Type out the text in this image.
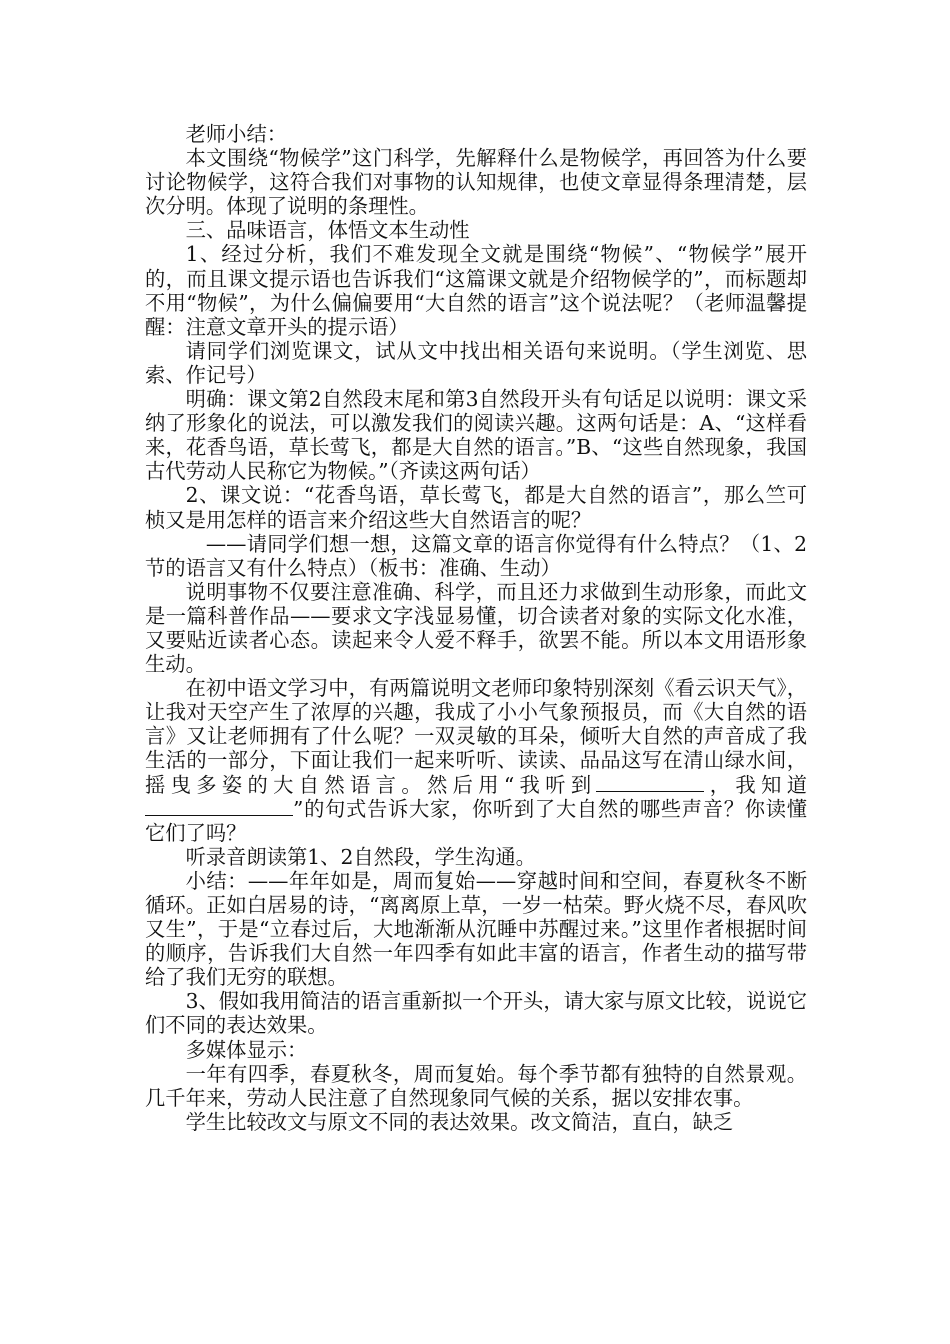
老师小结：

本文围绕“物候学”这门科学，先解释什么是物候学，再回答为什么要讨论物候学，这符合我们对事物的认知规律，也使文章显得条理清楚，层次分明。体现了说明的条理性。

三、品味语言，体悟文本生动性

1、经过分析，我们不难发现全文就是围绕“物候”、“物候学”展开的，而且课文提示语也告诉我们“这篇课文就是介绍物候学的”，而标题却不用“物候”，为什么偏偏要用“大自然的语言”这个说法呢？（老师温馨提醒：注意文章开头的提示语）

请同学们浏览课文，试从文中找出相关语句来说明。（学生浏览、思索、作记号）

明确：课文第2自然段末尾和第3自然段开头有句话足以说明：课文采纳了形象化的说法，可以激发我们的阅读兴趣。这两句话是：A、“这样看来，花香鸟语，草长莺飞，都是大自然的语言。”B、“这些自然现象，我国古代劳动人民称它为物候。”（齐读这两句话）

2、课文说：“花香鸟语，草长莺飞，都是大自然的语言”，那么竺可桢又是用怎样的语言来介绍这些大自然语言的呢？

——请同学们想一想，这篇文章的语言你觉得有什么特点？（1、2节的语言又有什么特点）（板书：准确、生动）

说明事物不仅要注意准确、科学，而且还力求做到生动形象，而此文是一篇科普作品——要求文字浅显易懂，切合读者对象的实际文化水准，又要贴近读者心态。读起来令人爱不释手，欲罢不能。所以本文用语形象生动。

在初中语文学习中，有两篇说明文老师印象特别深刻《看云识天气》，让我对天空产生了浓厚的兴趣，我成了小小气象预报员，而《大自然的语言》又让老师拥有了什么呢？一双灵敏的耳朵，倾听大自然的声音成了我生活的一部分，下面让我们一起来听听、读读、品品这写在清山绿水间，摇曳多姿的大自然语言。然后用“我听到	，我知道”的句式告诉大家，你听到了大自然的哪些声音？你读懂它们了吗？

听录音朗读第1、2自然段，学生沟通。

小结：——年年如是，周而复始——穿越时间和空间，春夏秋冬不断循环。正如白居易的诗，“离离原上草，一岁一枯荣。野火烧不尽，春风吹又生”，于是“立春过后，大地渐渐从沉睡中苏醒过来。”这里作者根据时间的顺序，告诉我们大自然一年四季有如此丰富的语言，作者生动的描写带给了我们无穷的联想。

3、假如我用简洁的语言重新拟一个开头，请大家与原文比较，说说它们不同的表达效果。

多媒体显示：

一年有四季，春夏秋冬，周而复始。每个季节都有独特的自然景观。几千年来，劳动人民注意了自然现象同气候的关系，据以安排农事。

学生比较改文与原文不同的表达效果。改文简洁，直白，缺乏
